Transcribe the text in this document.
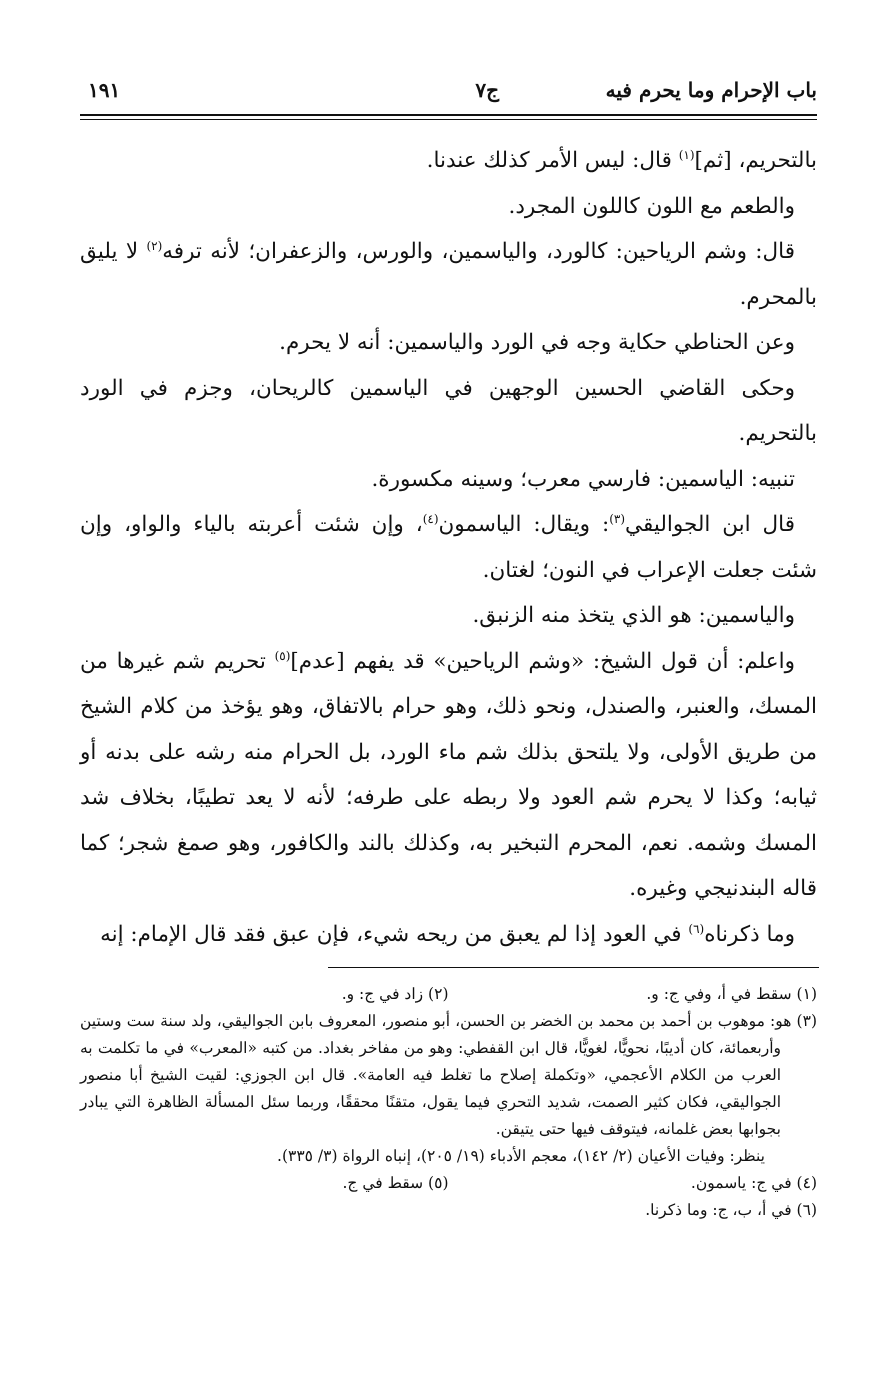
باب الإحرام وما يحرم فيه
ج٧
١٩١

بالتحريم، [ثم]$^{(١)}$ قال: ليس الأمر كذلك عندنا.

والطعم مع اللون كاللون المجرد.

قال: وشم الرياحين: كالورد، والياسمين، والورس، والزعفران؛ لأنه ترفه$^{(٢)}$ لا يليق بالمحرم.

وعن الحناطي حكاية وجه في الورد والياسمين: أنه لا يحرم.

وحكى القاضي الحسين الوجهين في الياسمين كالريحان، وجزم في الورد بالتحريم.

تنبيه: الياسمين: فارسي معرب؛ وسينه مكسورة.

قال ابن الجواليقي$^{(٣)}$: ويقال: الياسمون$^{(٤)}$، وإن شئت أعربته بالياء والواو، وإن شئت جعلت الإعراب في النون؛ لغتان.

والياسمين: هو الذي يتخذ منه الزنبق.

واعلم: أن قول الشيخ: «وشم الرياحين» قد يفهم [عدم]$^{(٥)}$ تحريم شم غيرها من المسك، والعنبر، والصندل، ونحو ذلك، وهو حرام بالاتفاق، وهو يؤخذ من كلام الشيخ من طريق الأولى، ولا يلتحق بذلك شم ماء الورد، بل الحرام منه رشه على بدنه أو ثيابه؛ وكذا لا يحرم شم العود ولا ربطه على طرفه؛ لأنه لا يعد تطيبًا، بخلاف شد المسك وشمه. نعم، المحرم التبخير به، وكذلك بالند والكافور، وهو صمغ شجر؛ كما قاله البندنيجي وغيره.

وما ذكرناه$^{(٦)}$ في العود إذا لم يعبق من ريحه شيء، فإن عبق فقد قال الإمام: إنه

(١) سقط في أ، وفي ج: و.
(٢) زاد في ج: و.
(٣) هو: موهوب بن أحمد بن محمد بن الخضر بن الحسن، أبو منصور، المعروف بابن الجواليقي، ولد سنة ست وستين وأربعمائة، كان أديبًا، نحويًّا، لغويًّا، قال ابن القفطي: وهو من مفاخر بغداد. من كتبه «المعرب» في ما تكلمت به العرب من الكلام الأعجمي، «وتكملة إصلاح ما تغلط فيه العامة». قال ابن الجوزي: لقيت الشيخ أبا منصور الجواليقي، فكان كثير الصمت، شديد التحري فيما يقول، متقنًا محققًا، وربما سئل المسألة الظاهرة التي يبادر بجوابها بعض غلمانه، فيتوقف فيها حتى يتيقن.
ينظر: وفيات الأعيان (٢/ ١٤٢)، معجم الأدباء (١٩/ ٢٠٥)، إنباه الرواة (٣/ ٣٣٥).
(٤) في ج: ياسمون.
(٥) سقط في ج.
(٦) في أ، ب، ج: وما ذكرنا.
